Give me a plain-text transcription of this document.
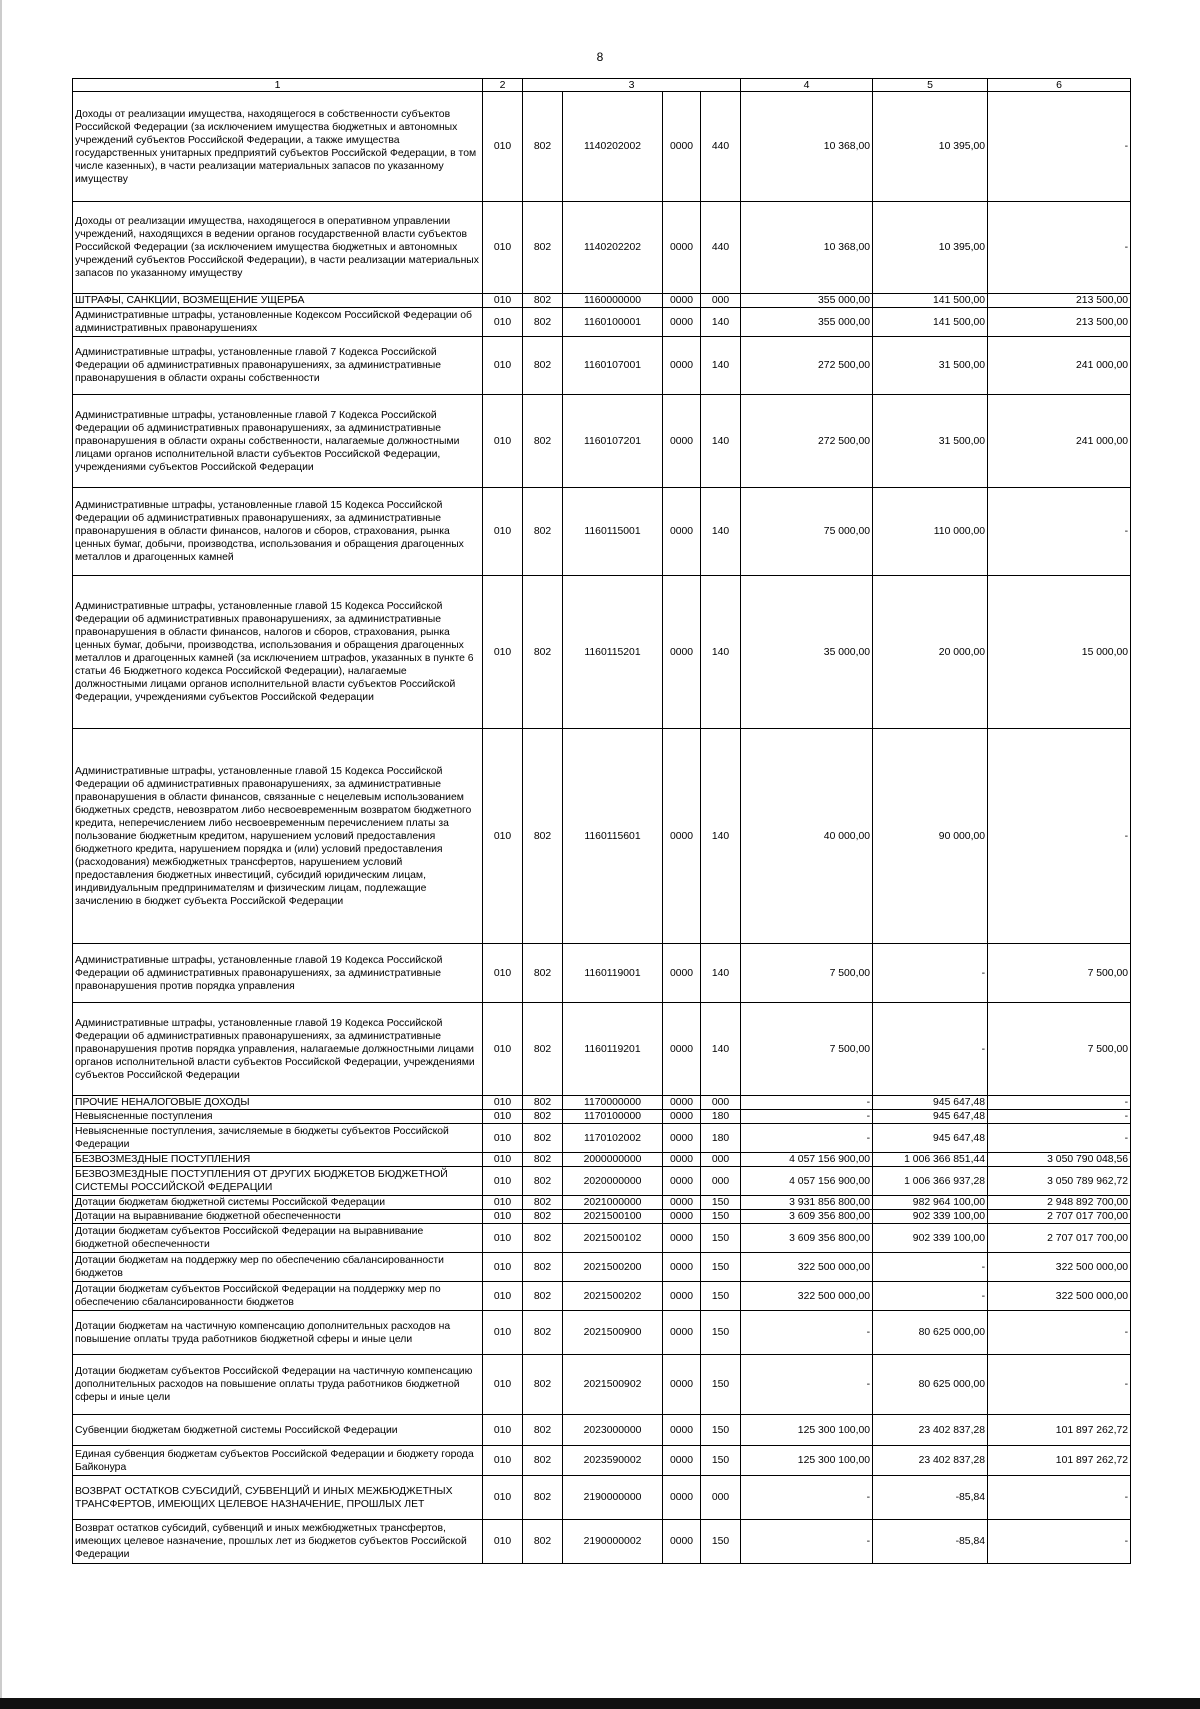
8
1	2	3				4	5	6
Доходы от реализации имущества, находящегося в собственности субъектов Российской Федерации (за исключением имущества бюджетных и автономных учреждений субъектов Российской Федерации, а также имущества государственных унитарных предприятий субъектов Российской Федерации, в том числе казенных), в части реализации материальных запасов по указанному имуществу	010	802	1140202002	0000	440	10 368,00	10 395,00	-
Доходы от реализации имущества, находящегося в оперативном управлении учреждений, находящихся в ведении органов государственной власти субъектов Российской Федерации (за исключением имущества бюджетных и автономных учреждений субъектов Российской Федерации), в части реализации материальных запасов по указанному имуществу	010	802	1140202202	0000	440	10 368,00	10 395,00	-
ШТРАФЫ, САНКЦИИ, ВОЗМЕЩЕНИЕ УЩЕРБА	010	802	1160000000	0000	000	355 000,00	141 500,00	213 500,00
Административные штрафы, установленные Кодексом Российской Федерации об административных правонарушениях	010	802	1160100001	0000	140	355 000,00	141 500,00	213 500,00
Административные штрафы, установленные главой 7 Кодекса Российской Федерации об административных правонарушениях, за административные правонарушения в области охраны собственности	010	802	1160107001	0000	140	272 500,00	31 500,00	241 000,00
Административные штрафы, установленные главой 7 Кодекса Российской Федерации об административных правонарушениях, за административные правонарушения в области охраны собственности, налагаемые должностными лицами органов исполнительной власти субъектов Российской Федерации, учреждениями субъектов Российской Федерации	010	802	1160107201	0000	140	272 500,00	31 500,00	241 000,00
Административные штрафы, установленные главой 15 Кодекса Российской Федерации об административных правонарушениях, за административные правонарушения в области финансов, налогов и сборов, страхования, рынка ценных бумаг, добычи, производства, использования и обращения драгоценных металлов и драгоценных камней	010	802	1160115001	0000	140	75 000,00	110 000,00	-
Административные штрафы, установленные главой 15 Кодекса Российской Федерации об административных правонарушениях, за административные правонарушения в области финансов, налогов и сборов, страхования, рынка ценных бумаг, добычи, производства, использования и обращения драгоценных металлов и драгоценных камней (за исключением штрафов, указанных в пункте 6 статьи 46 Бюджетного кодекса Российской Федерации), налагаемые должностными лицами органов исполнительной власти субъектов Российской Федерации, учреждениями субъектов Российской Федерации	010	802	1160115201	0000	140	35 000,00	20 000,00	15 000,00
Административные штрафы, установленные главой 15 Кодекса Российской Федерации об административных правонарушениях, за административные правонарушения в области финансов, связанные с нецелевым использованием бюджетных средств, невозвратом либо несвоевременным возвратом бюджетного кредита, неперечислением либо несвоевременным перечислением платы за пользование бюджетным кредитом, нарушением условий предоставления бюджетного кредита, нарушением порядка и (или) условий предоставления (расходования) межбюджетных трансфертов, нарушением условий предоставления бюджетных инвестиций, субсидий юридическим лицам, индивидуальным предпринимателям и физическим лицам, подлежащие зачислению в бюджет субъекта Российской Федерации	010	802	1160115601	0000	140	40 000,00	90 000,00	-
Административные штрафы, установленные главой 19 Кодекса Российской Федерации об административных правонарушениях, за административные правонарушения против порядка управления	010	802	1160119001	0000	140	7 500,00	-	7 500,00
Административные штрафы, установленные главой 19 Кодекса Российской Федерации об административных правонарушениях, за административные правонарушения против порядка управления, налагаемые должностными лицами органов исполнительной власти субъектов Российской Федерации, учреждениями субъектов Российской Федерации	010	802	1160119201	0000	140	7 500,00	-	7 500,00
ПРОЧИЕ НЕНАЛОГОВЫЕ ДОХОДЫ	010	802	1170000000	0000	000	-	945 647,48	-
Невыясненные поступления	010	802	1170100000	0000	180	-	945 647,48	-
Невыясненные поступления, зачисляемые в бюджеты субъектов Российской Федерации	010	802	1170102002	0000	180	-	945 647,48	-
БЕЗВОЗМЕЗДНЫЕ ПОСТУПЛЕНИЯ	010	802	2000000000	0000	000	4 057 156 900,00	1 006 366 851,44	3 050 790 048,56
БЕЗВОЗМЕЗДНЫЕ ПОСТУПЛЕНИЯ ОТ ДРУГИХ БЮДЖЕТОВ БЮДЖЕТНОЙ СИСТЕМЫ РОССИЙСКОЙ ФЕДЕРАЦИИ	010	802	2020000000	0000	000	4 057 156 900,00	1 006 366 937,28	3 050 789 962,72
Дотации бюджетам бюджетной системы Российской Федерации	010	802	2021000000	0000	150	3 931 856 800,00	982 964 100,00	2 948 892 700,00
Дотации на выравнивание бюджетной обеспеченности	010	802	2021500100	0000	150	3 609 356 800,00	902 339 100,00	2 707 017 700,00
Дотации бюджетам субъектов Российской Федерации на выравнивание бюджетной обеспеченности	010	802	2021500102	0000	150	3 609 356 800,00	902 339 100,00	2 707 017 700,00
Дотации бюджетам на поддержку мер по обеспечению сбалансированности бюджетов	010	802	2021500200	0000	150	322 500 000,00	-	322 500 000,00
Дотации бюджетам субъектов Российской Федерации на поддержку мер по обеспечению сбалансированности бюджетов	010	802	2021500202	0000	150	322 500 000,00	-	322 500 000,00
Дотации бюджетам на частичную компенсацию дополнительных расходов на повышение оплаты труда работников бюджетной сферы и иные цели	010	802	2021500900	0000	150	-	80 625 000,00	-
Дотации бюджетам субъектов Российской Федерации на частичную компенсацию дополнительных расходов на повышение оплаты труда работников бюджетной сферы и иные цели	010	802	2021500902	0000	150	-	80 625 000,00	-
Субвенции бюджетам бюджетной системы Российской Федерации	010	802	2023000000	0000	150	125 300 100,00	23 402 837,28	101 897 262,72
Единая субвенция бюджетам субъектов Российской Федерации и бюджету города Байконура	010	802	2023590002	0000	150	125 300 100,00	23 402 837,28	101 897 262,72
ВОЗВРАТ ОСТАТКОВ СУБСИДИЙ, СУБВЕНЦИЙ И ИНЫХ МЕЖБЮДЖЕТНЫХ ТРАНСФЕРТОВ, ИМЕЮЩИХ ЦЕЛЕВОЕ НАЗНАЧЕНИЕ, ПРОШЛЫХ ЛЕТ	010	802	2190000000	0000	000	-	-85,84	-
Возврат остатков субсидий, субвенций и иных межбюджетных трансфертов, имеющих целевое назначение, прошлых лет из бюджетов субъектов Российской Федерации	010	802	2190000002	0000	150	-	-85,84	-
